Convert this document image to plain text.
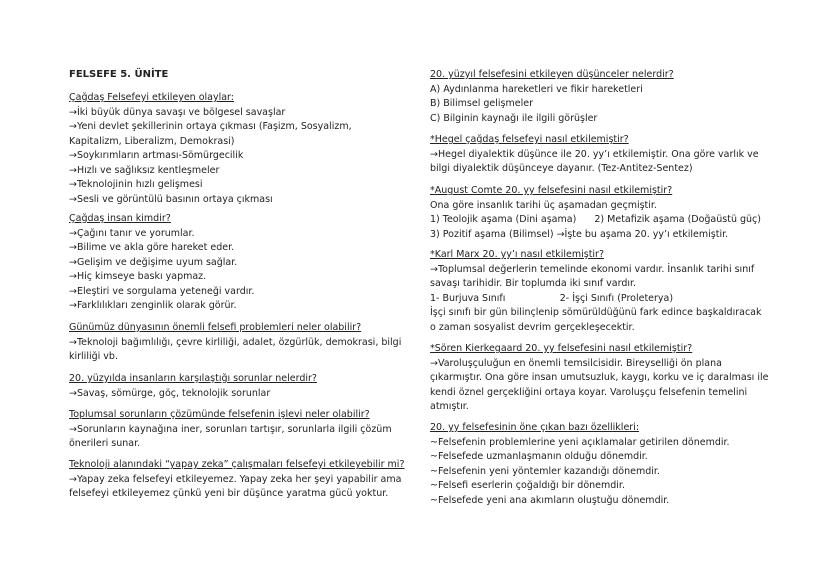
FELSEFE 5. ÜNİTE
Çağdaş Felsefeyi etkileyen olaylar:
→İki büyük dünya savaşı ve bölgesel savaşlar
→Yeni devlet şekillerinin ortaya çıkması (Faşizm, Sosyalizm,
Kapitalizm, Liberalizm, Demokrasi)
→Soykırımların artması-Sömürgecilik
→Hızlı ve sağlıksız kentleşmeler
→Teknolojinin hızlı gelişmesi
→Sesli ve görüntülü basının ortaya çıkması
Çağdaş insan kimdir?
→Çağını tanır ve yorumlar.
→Bilime ve akla göre hareket eder.
→Gelişim ve değişime uyum sağlar.
→Hiç kimseye baskı yapmaz.
→Eleştiri ve sorgulama yeteneği vardır.
→Farklılıkları zenginlik olarak görür.
Günümüz dünyasının önemli felsefi problemleri neler olabilir?
→Teknoloji bağımlılığı, çevre kirliliği, adalet, özgürlük, demokrasi, bilgi
kirliliği vb.
20. yüzyılda insanların karşılaştığı sorunlar nelerdir?
→Savaş, sömürge, göç, teknolojik sorunlar
Toplumsal sorunların çözümünde felsefenin işlevi neler olabilir?
→Sorunların kaynağına iner, sorunları tartışır, sorunlarla ilgili çözüm
önerileri sunar.
Teknoloji alanındaki “yapay zeka” çalışmaları felsefeyi etkileyebilir mi?
→Yapay zeka felsefeyi etkileyemez. Yapay zeka her şeyi yapabilir ama
felsefeyi etkileyemez çünkü yeni bir düşünce yaratma gücü yoktur.
20. yüzyıl felsefesini etkileyen düşünceler nelerdir?
A) Aydınlanma hareketleri ve fikir hareketleri
B) Bilimsel gelişmeler
C) Bilginin kaynağı ile ilgili görüşler
*Hegel çağdaş felsefeyi nasıl etkilemiştir?
→Hegel diyalektik düşünce ile 20. yy’ı etkilemiştir. Ona göre varlık ve
bilgi diyalektik düşünceye dayanır. (Tez-Antitez-Sentez)
*August Comte 20. yy felsefesini nasıl etkilemiştir?
Ona göre insanlık tarihi üç aşamadan geçmiştir.
1) Teolojik aşama (Dini aşama)      2) Metafizik aşama (Doğaüstü güç)
3) Pozitif aşama (Bilimsel) →İşte bu aşama 20. yy’ı etkilemiştir.
*Karl Marx 20. yy’ı nasıl etkilemiştir?
→Toplumsal değerlerin temelinde ekonomi vardır. İnsanlık tarihi sınıf
savaşı tarihidir. Bir toplumda iki sınıf vardır.
1- Burjuva Sınıfı                  2- İşçi Sınıfı (Proleterya)
İşçi sınıfı bir gün bilinçlenip sömürüldüğünü fark edince başkaldıracak
o zaman sosyalist devrim gerçekleşecektir.
*Sören Kierkegaard 20. yy felsefesini nasıl etkilemiştir?
→Varoluşçuluğun en önemli temsilcisidir. Bireyselliği ön plana
çıkarmıştır. Ona göre insan umutsuzluk, kaygı, korku ve iç daralması ile
kendi öznel gerçekliğini ortaya koyar. Varoluşçu felsefenin temelini
atmıştır.
20. yy felsefesinin öne çıkan bazı özellikleri:
~Felsefenin problemlerine yeni açıklamalar getirilen dönemdir.
~Felsefede uzmanlaşmanın olduğu dönemdir.
~Felsefenin yeni yöntemler kazandığı dönemdir.
~Felsefi eserlerin çoğaldığı bir dönemdir.
~Felsefede yeni ana akımların oluştuğu dönemdir.
